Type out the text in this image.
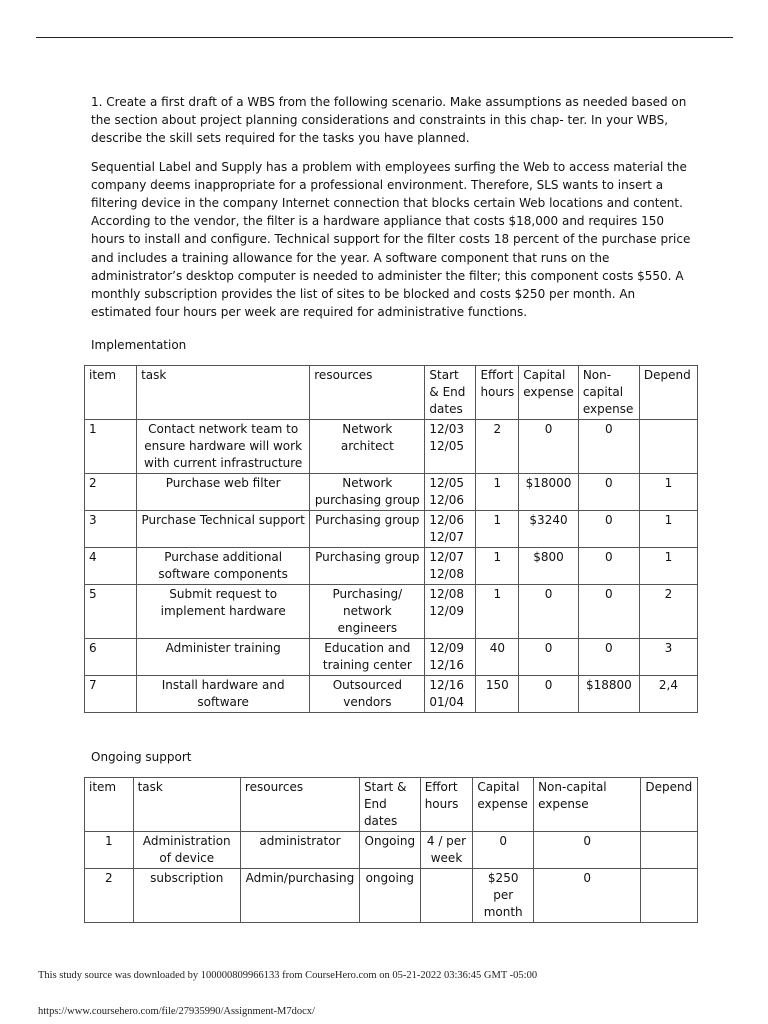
1. Create a first draft of a WBS from the following scenario. Make assumptions as needed based on the section about project planning considerations and constraints in this chap- ter. In your WBS, describe the skill sets required for the tasks you have planned.

Sequential Label and Supply has a problem with employees surfing the Web to access material the company deems inappropriate for a professional environment. Therefore, SLS wants to insert a filtering device in the company Internet connection that blocks certain Web locations and content. According to the vendor, the filter is a hardware appliance that costs $18,000 and requires 150 hours to install and configure. Technical support for the filter costs 18 percent of the purchase price and includes a training allowance for the year. A software component that runs on the administrator’s desktop computer is needed to administer the filter; this component costs $550. A monthly subscription provides the list of sites to be blocked and costs $250 per month. An estimated four hours per week are required for administrative functions.

Implementation
item	task	resources	Start & End dates	Effort hours	Capital expense	Non-capital expense	Depend
1	Contact network team to ensure hardware will work with current infrastructure	Network architect	12/03 12/05	2	0	0	
2	Purchase web filter	Network purchasing group	12/05 12/06	1	$18000	0	1
3	Purchase Technical support	Purchasing group	12/06 12/07	1	$3240	0	1
4	Purchase additional software components	Purchasing group	12/07 12/08	1	$800	0	1
5	Submit request to implement hardware	Purchasing/ network engineers	12/08 12/09	1	0	0	2
6	Administer training	Education and training center	12/09 12/16	40	0	0	3
7	Install hardware and software	Outsourced vendors	12/16 01/04	150	0	$18800	2,4
Ongoing support
item	task	resources	Start & End dates	Effort hours	Capital expense	Non-capital expense	Depend
1	Administration of device	administrator	Ongoing	4 / per week	0	0	
2	subscription	Admin/purchasing	ongoing		$250 per month	0	
This study source was downloaded by 100000809966133 from CourseHero.com on 05-21-2022 03:36:45 GMT -05:00
https://www.coursehero.com/file/27935990/Assignment-M7docx/
